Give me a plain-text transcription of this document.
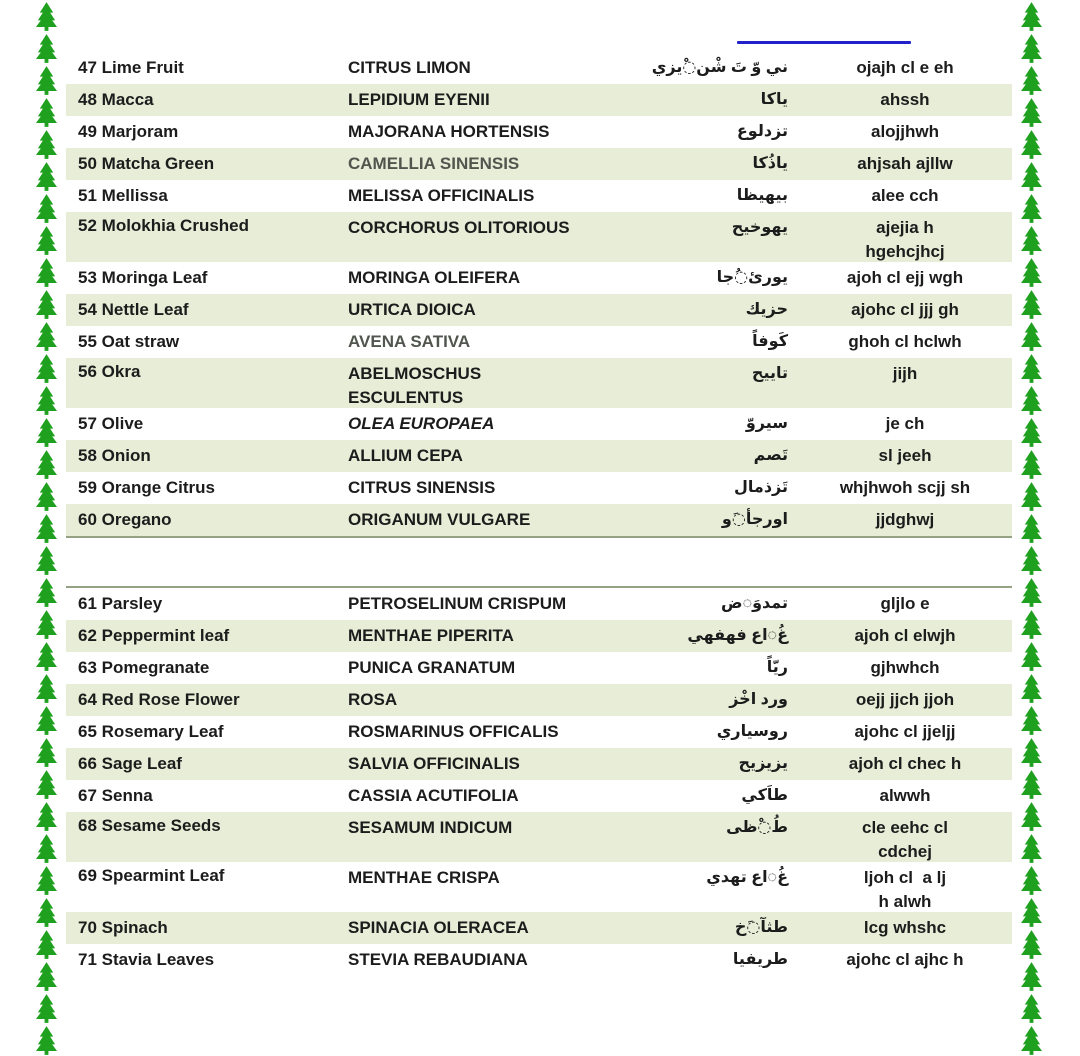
47 Lime Fruit	CITRUS LIMON	ني وّ تَ شْن◌ْيزي	ojajh cl e eh
48 Macca	LEPIDIUM EYENII	ياكا	ahssh
49 Marjoram	MAJORANA HORTENSIS	تزدلوع	alojjhwh
50 Matcha Green	CAMELLIA SINENSIS	ياذُكا	ahjsah ajllw
51 Mellissa	MELISSA OFFICINALIS	بيهيظا	alee cch
52 Molokhia Crushed	CORCHORUS OLITORIOUS	يهوخيح	ajejia h
hgehcjhcj
53 Moringa Leaf	MORINGA OLEIFERA	يورئ◌ُجا	ajoh cl ejj wgh
54 Nettle Leaf	URTICA DIOICA	حزيك	ajohc cl jjj gh
55 Oat straw	AVENA SATIVA	كَوفاً	ghoh cl hclwh
56 Okra	ABELMOSCHUS
ESCULENTUS
تاييح	jijh
57 Olive	OLEA EUROPAEA	سيروّ	je ch
58 Onion	ALLIUM CEPA	تَصم	sl jeeh
59 Orange Citrus	CITRUS SINENSIS	تَزذمال	whjhwoh scjj sh
60 Oregano	ORIGANUM VULGARE	اورجأ◌َو	jjdghwj
61 Parsley	PETROSELINUM CRISPUM	تمدوَ◌ض	gljlo e
62 Peppermint leaf	MENTHAE PIPERITA	غُ◌اع فهفهي	ajoh cl elwjh
63 Pomegranate	PUNICA GRANATUM	ريّاً	gjhwhch
64 Red Rose Flower	ROSA	ورد اخْز	oejj jjch jjoh
65 Rosemary Leaf	ROSMARINUS OFFICALIS	روسياري	ajohc cl jjeljj
66 Sage Leaf	SALVIA OFFICINALIS	يزيزيح	ajoh cl chec h
67 Senna	CASSIA ACUTIFOLIA	طاَكي	alwwh
68 Sesame Seeds	SESAMUM INDICUM	طُ◌ْظى	cle eehc cl
cdchej
69 Spearmint Leaf	MENTHAE CRISPA	غُ◌اع تهدي	ljoh cl  a lj
h alwh
70 Spinach	SPINACIA OLERACEA	طثآ◌َخ	lcg whshc
71 Stavia Leaves	STEVIA REBAUDIANA	طريفيا	ajohc cl ajhc h
